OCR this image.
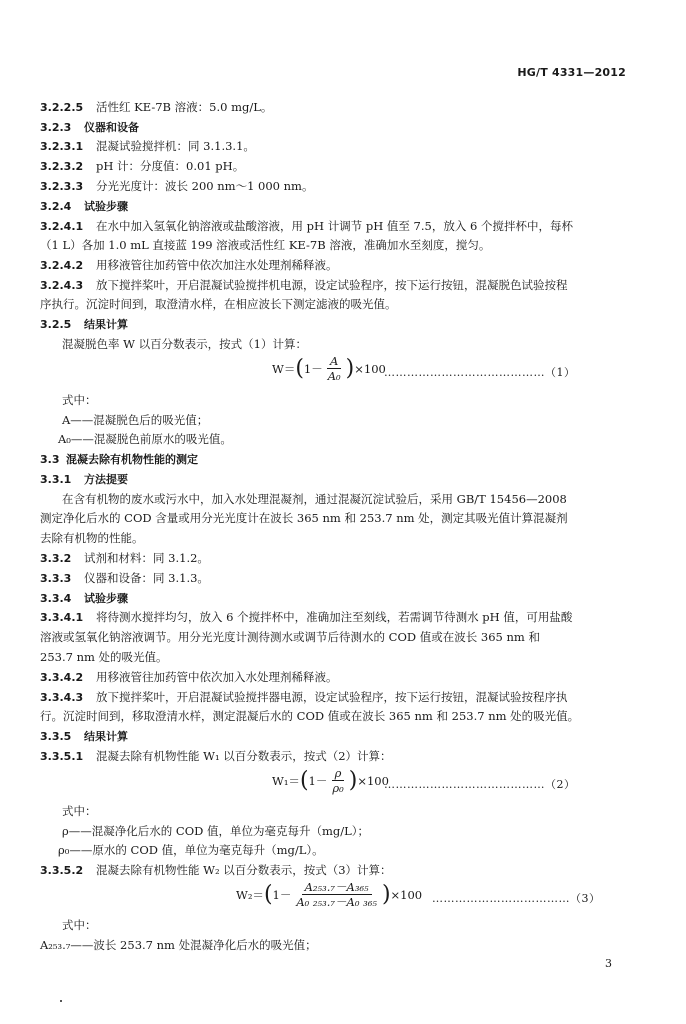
HG/T 4331—2012
3.2.2.5 活性红 KE-7B 溶液：5.0 mg/L。
3.2.3 仪器和设备
3.2.3.1 混凝试验搅拌机：同 3.1.3.1。
3.2.3.2 pH 计：分度值：0.01 pH。
3.2.3.3 分光光度计：波长 200 nm～1 000 nm。
3.2.4 试验步骤
3.2.4.1 在水中加入氢氧化钠溶液或盐酸溶液，用 pH 计调节 pH 值至 7.5，放入 6 个搅拌杯中，每杯
（1 L）各加 1.0 mL 直接蓝 199 溶液或活性红 KE-7B 溶液，准确加水至刻度，搅匀。
3.2.4.2 用移液管往加药管中依次加注水处理剂稀释液。
3.2.4.3 放下搅拌桨叶，开启混凝试验搅拌机电源，设定试验程序，按下运行按钮，混凝脱色试验按程
序执行。沉淀时间到，取澄清水样，在相应波长下测定滤液的吸光值。
3.2.5 结果计算
混凝脱色率 W 以百分数表示，按式（1）计算：
W＝ ( $1- \frac{A}{\text{A₀}}$ ) ×100
……………………………………（1）
式中：
A——混凝脱色后的吸光值；
A₀——混凝脱色前原水的吸光值。
3.3 混凝去除有机物性能的测定
3.3.1 方法提要
在含有机物的废水或污水中，加入水处理混凝剂，通过混凝沉淀试验后，采用 GB/T 15456—2008
测定净化后水的 COD 含量或用分光光度计在波长 365 nm 和 253.7 nm 处，测定其吸光值计算混凝剂
去除有机物的性能。
3.3.2 试剂和材料：同 3.1.2。
3.3.3 仪器和设备：同 3.1.3。
3.3.4 试验步骤
3.3.4.1 将待测水搅拌均匀，放入 6 个搅拌杯中，准确加注至刻线，若需调节待测水 pH 值，可用盐酸
溶液或氢氧化钠溶液调节。用分光光度计测待测水或调节后待测水的 COD 值或在波长 365 nm 和
253.7 nm 处的吸光值。
3.3.4.2 用移液管往加药管中依次加入水处理剂稀释液。
3.3.4.3 放下搅拌桨叶，开启混凝试验搅拌器电源，设定试验程序，按下运行按钮，混凝试验按程序执
行。沉淀时间到，移取澄清水样，测定混凝后水的 COD 值或在波长 365 nm 和 253.7 nm 处的吸光值。
3.3.5 结果计算
3.3.5.1 混凝去除有机物性能 W₁ 以百分数表示，按式（2）计算：
W₁＝ ( $1- \frac{\rho}{\text{ρ₀}}$ ) ×100
……………………………………（2）
式中：
ρ——混凝净化后水的 COD 值，单位为毫克每升（mg/L）；
ρ₀——原水的 COD 值，单位为毫克每升（mg/L）。
3.3.5.2 混凝去除有机物性能 W₂ 以百分数表示，按式（3）计算：
W₂＝ ( $1- \frac{\text{A₂₅₃.₇－A₃₆₅}}{\text{A₀ ₂₅₃.₇－A₀ ₃₆₅}}$ ) ×100 ………………………………（3）
式中：
A₂₅₃.₇——波长 253.7 nm 处混凝净化后水的吸光值；
3
